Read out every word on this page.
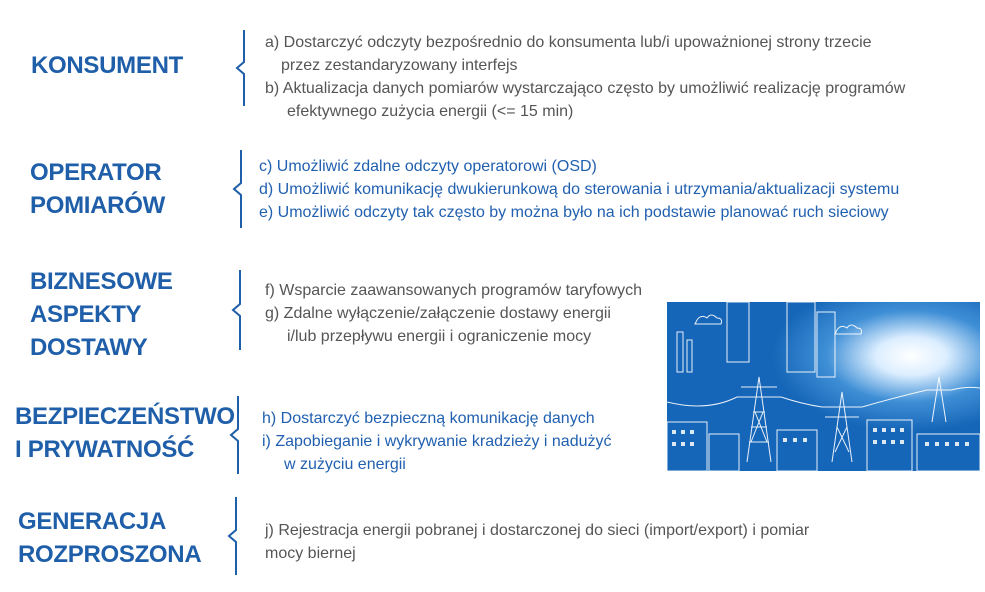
KONSUMENT
a) Dostarczyć odczyty bezpośrednio do konsumenta lub/i upoważnionej strony trzecie
przez zestandaryzowany interfejs
b) Aktualizacja danych pomiarów wystarczająco często by umożliwić realizację programów
efektywnego zużycia energii (<= 15 min)
OPERATOR
POMIARÓW
c) Umożliwić zdalne odczyty operatorowi (OSD)
d) Umożliwić komunikację dwukierunkową do sterowania i utrzymania/aktualizacji systemu
e) Umożliwić odczyty tak często by można było na ich podstawie planować ruch sieciowy
BIZNESOWE
ASPEKTY
DOSTAWY
f) Wsparcie zaawansowanych programów taryfowych
g) Zdalne wyłączenie/załączenie dostawy energii
i/lub przepływu energii i ograniczenie mocy
BEZPIECZEŃSTWO
I PRYWATNOŚĆ
h) Dostarczyć bezpieczną komunikację danych
i) Zapobieganie i wykrywanie kradzieży i nadużyć
w zużyciu energii
GENERACJA
ROZPROSZONA
j) Rejestracja energii pobranej i dostarczonej do sieci (import/export) i pomiar
mocy biernej
